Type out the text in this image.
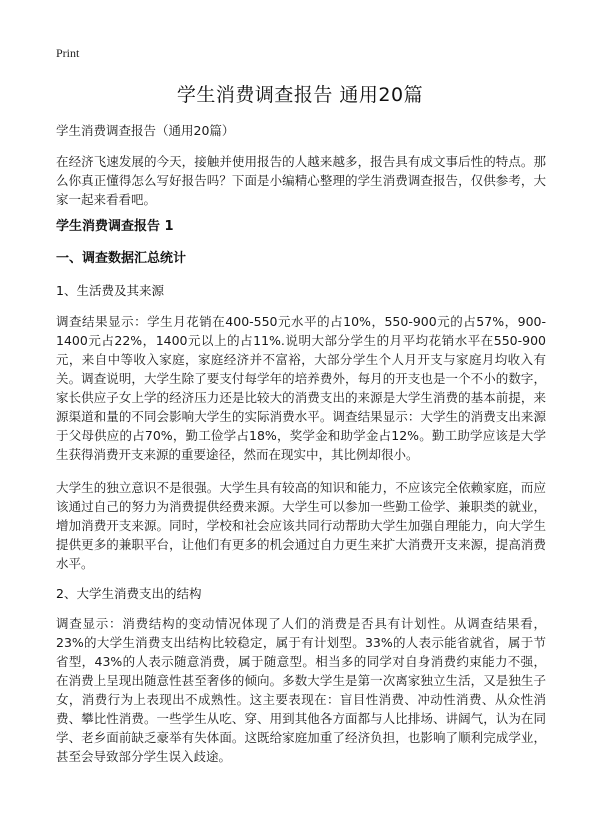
Print
学生消费调查报告 通用20篇
学生消费调查报告（通用20篇）

在经济飞速发展的今天，接触并使用报告的人越来越多，报告具有成文事后性的特点。那么你真正懂得怎么写好报告吗？下面是小编精心整理的学生消费调查报告，仅供参考，大家一起来看看吧。

学生消费调查报告 1
一、调查数据汇总统计
1、生活费及其来源

调查结果显示：学生月花销在400-550元水平的占10%，550-900元的占57%，900-1400元占22%，1400元以上的占11%.说明大部分学生的月平均花销水平在550-900元，来自中等收入家庭，家庭经济并不富裕，大部分学生个人月开支与家庭月均收入有关。调查说明，大学生除了要支付每学年的培养费外，每月的开支也是一个不小的数字，家长供应子女上学的经济压力还是比较大的消费支出的来源是大学生消费的基本前提，来源渠道和量的不同会影响大学生的实际消费水平。调查结果显示：大学生的消费支出来源于父母供应的占70%，勤工俭学占18%，奖学金和助学金占12%。勤工助学应该是大学生获得消费开支来源的重要途径，然而在现实中，其比例却很小。

大学生的独立意识不是很强。大学生具有较高的知识和能力，不应该完全依赖家庭，而应该通过自己的努力为消费提供经费来源。大学生可以参加一些勤工俭学、兼职类的就业，增加消费开支来源。同时，学校和社会应该共同行动帮助大学生加强自理能力，向大学生提供更多的兼职平台，让他们有更多的机会通过自力更生来扩大消费开支来源，提高消费水平。

2、大学生消费支出的结构

调查显示：消费结构的变动情况体现了人们的消费是否具有计划性。从调查结果看，23%的大学生消费支出结构比较稳定，属于有计划型。33%的人表示能省就省，属于节省型，43%的人表示随意消费，属于随意型。相当多的同学对自身消费约束能力不强，在消费上呈现出随意性甚至奢侈的倾向。多数大学生是第一次离家独立生活，又是独生子女，消费行为上表现出不成熟性。这主要表现在：盲目性消费、冲动性消费、从众性消费、攀比性消费。一些学生从吃、穿、用到其他各方面都与人比排场、讲阔气，认为在同学、老乡面前缺乏豪举有失体面。这既给家庭加重了经济负担，也影响了顺利完成学业，甚至会导致部分学生误入歧途。
